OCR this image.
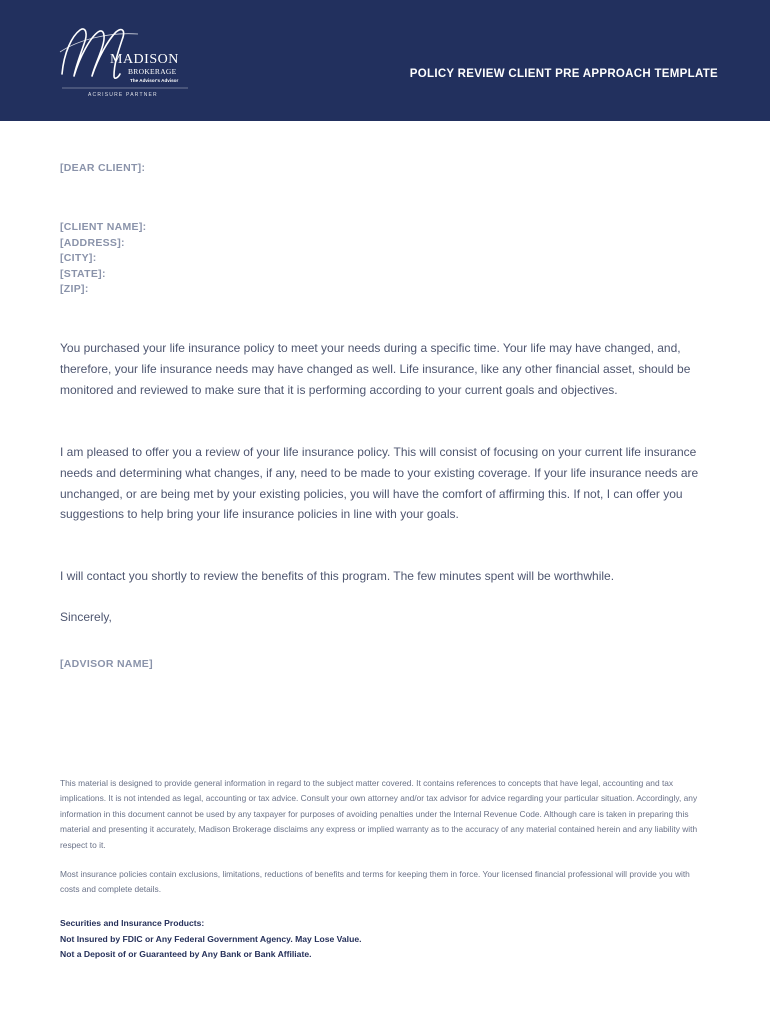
MADISON
BROKERAGE
The Advisor's Advisor
ACRISURE PARTNER
POLICY REVIEW CLIENT PRE APPROACH TEMPLATE
[DEAR CLIENT]:
[CLIENT NAME]:
[ADDRESS]:
[CITY]:
[STATE]:
[ZIP]:

You purchased your life insurance policy to meet your needs during a specific time. Your life may have changed, and, therefore, your life insurance needs may have changed as well. Life insurance, like any other financial asset, should be monitored and reviewed to make sure that it is performing according to your current goals and objectives.

I am pleased to offer you a review of your life insurance policy. This will consist of focusing on your current life insurance needs and determining what changes, if any, need to be made to your existing coverage. If your life insurance needs are unchanged, or are being met by your existing policies, you will have the comfort of affirming this. If not, I can offer you suggestions to help bring your life insurance policies in line with your goals.

I will contact you shortly to review the benefits of this program. The few minutes spent will be worthwhile.

Sincerely,

[ADVISOR NAME]

This material is designed to provide general information in regard to the subject matter covered. It contains references to concepts that have legal, accounting and tax implications. It is not intended as legal, accounting or tax advice. Consult your own attorney and/or tax advisor for advice regarding your particular situation. Accordingly, any information in this document cannot be used by any taxpayer for purposes of avoiding penalties under the Internal Revenue Code. Although care is taken in preparing this material and presenting it accurately, Madison Brokerage disclaims any express or implied warranty as to the accuracy of any material contained herein and any liability with respect to it.

Most insurance policies contain exclusions, limitations, reductions of benefits and terms for keeping them in force. Your licensed financial professional will provide you with costs and complete details.

Securities and Insurance Products:
Not Insured by FDIC or Any Federal Government Agency. May Lose Value.
Not a Deposit of or Guaranteed by Any Bank or Bank Affiliate.
